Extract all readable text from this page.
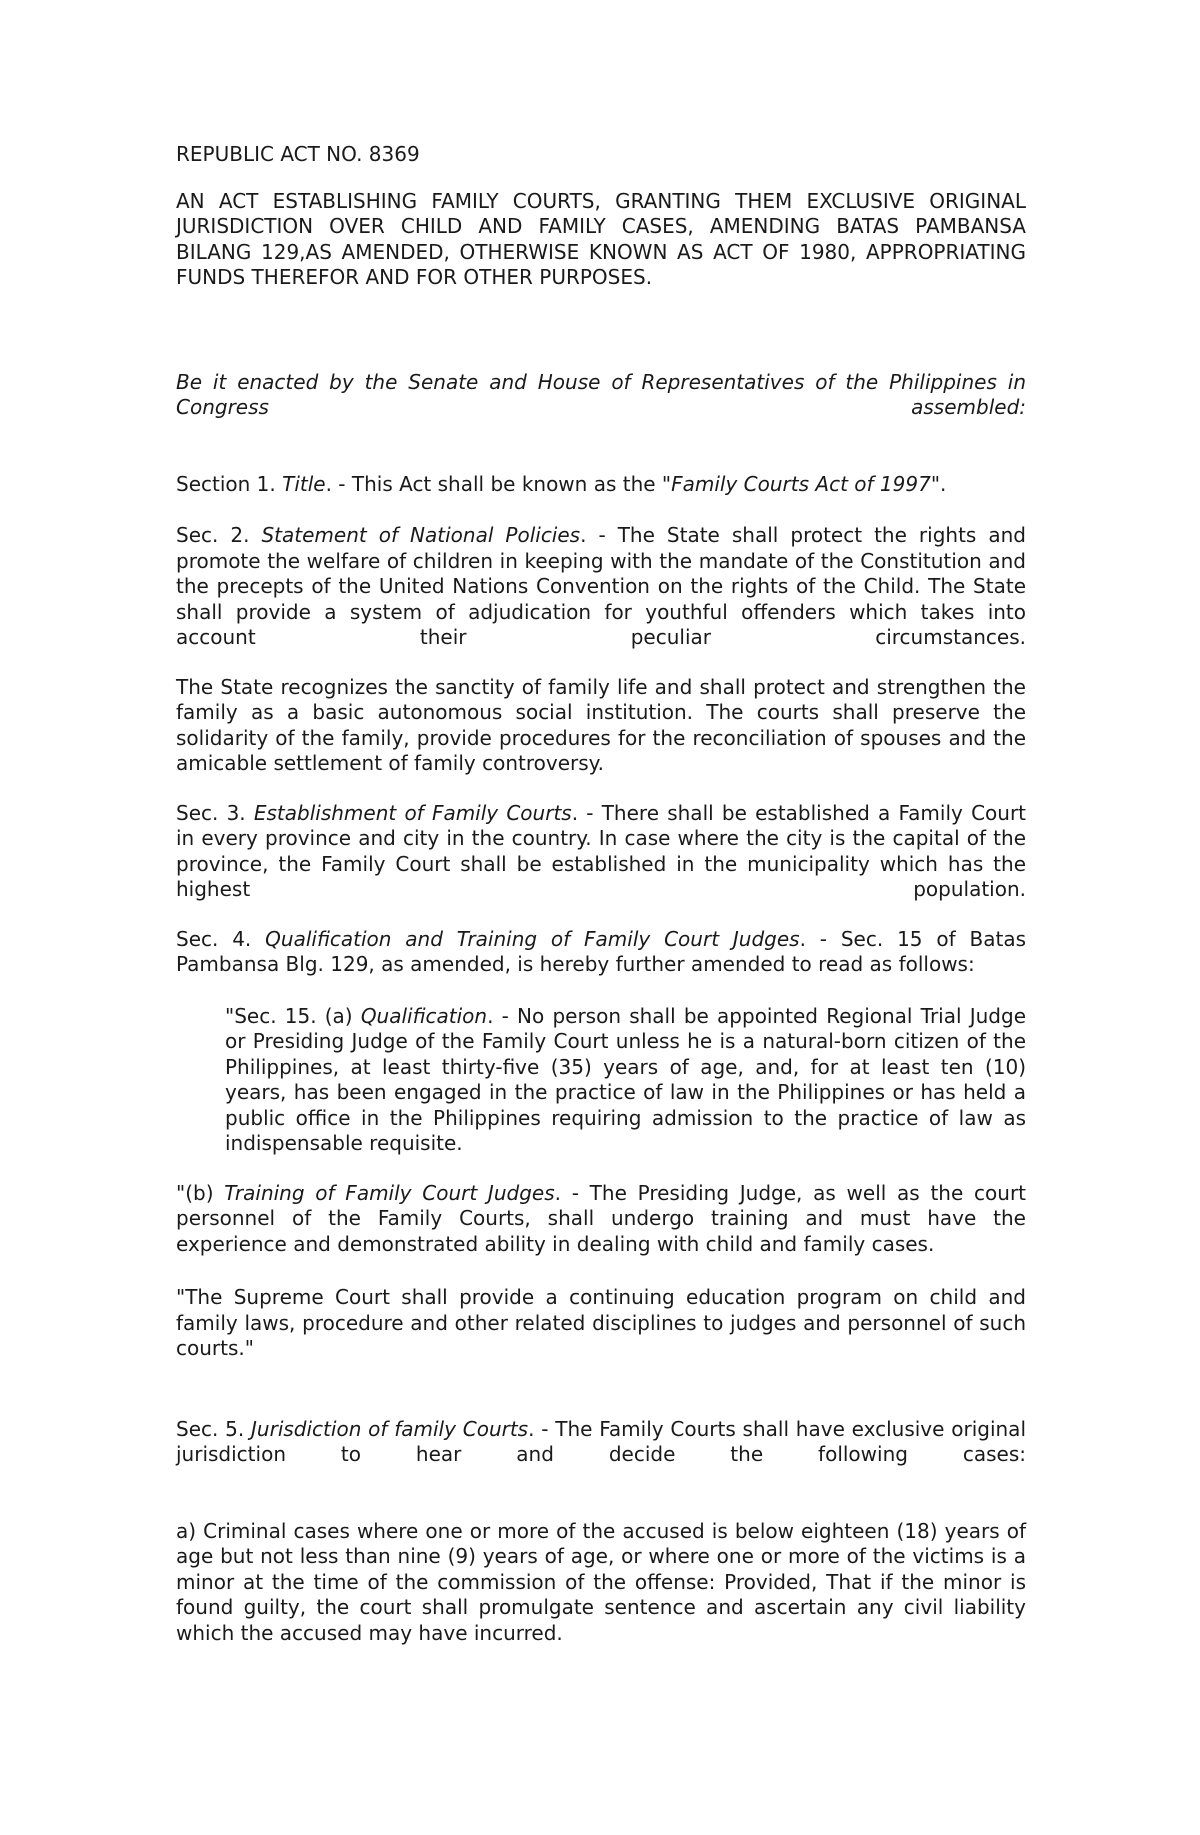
REPUBLIC ACT NO. 8369

AN ACT ESTABLISHING FAMILY COURTS, GRANTING THEM EXCLUSIVE ORIGINAL JURISDICTION OVER CHILD AND FAMILY CASES, AMENDING BATAS PAMBANSA BILANG 129,AS AMENDED, OTHERWISE KNOWN AS ACT OF 1980, APPROPRIATING FUNDS THEREFOR AND FOR OTHER PURPOSES.

Be it enacted by the Senate and House of Representatives of the Philippines in Congress assembled:

Section 1. Title. - This Act shall be known as the "Family Courts Act of 1997".

Sec. 2. Statement of National Policies. - The State shall protect the rights and promote the welfare of children in keeping with the mandate of the Constitution and the precepts of the United Nations Convention on the rights of the Child. The State shall provide a system of adjudication for youthful offenders which takes into account their peculiar circumstances.

The State recognizes the sanctity of family life and shall protect and strengthen the family as a basic autonomous social institution. The courts shall preserve the solidarity of the family, provide procedures for the reconciliation of spouses and the amicable settlement of family controversy.

Sec. 3. Establishment of Family Courts. - There shall be established a Family Court in every province and city in the country. In case where the city is the capital of the province, the Family Court shall be established in the municipality which has the highest population.

Sec. 4. Qualification and Training of Family Court Judges. - Sec. 15 of Batas Pambansa Blg. 129, as amended, is hereby further amended to read as follows:

"Sec. 15. (a) Qualification. - No person shall be appointed Regional Trial Judge or Presiding Judge of the Family Court unless he is a natural-born citizen of the Philippines, at least thirty-five (35) years of age, and, for at least ten (10) years, has been engaged in the practice of law in the Philippines or has held a public office in the Philippines requiring admission to the practice of law as indispensable requisite.

"(b) Training of Family Court Judges. - The Presiding Judge, as well as the court personnel of the Family Courts, shall undergo training and must have the experience and demonstrated ability in dealing with child and family cases.

"The Supreme Court shall provide a continuing education program on child and family laws, procedure and other related disciplines to judges and personnel of such courts."

Sec. 5. Jurisdiction of family Courts. - The Family Courts shall have exclusive original jurisdiction to hear and decide the following cases:

a) Criminal cases where one or more of the accused is below eighteen (18) years of age but not less than nine (9) years of age, or where one or more of the victims is a minor at the time of the commission of the offense: Provided, That if the minor is found guilty, the court shall promulgate sentence and ascertain any civil liability which the accused may have incurred.
